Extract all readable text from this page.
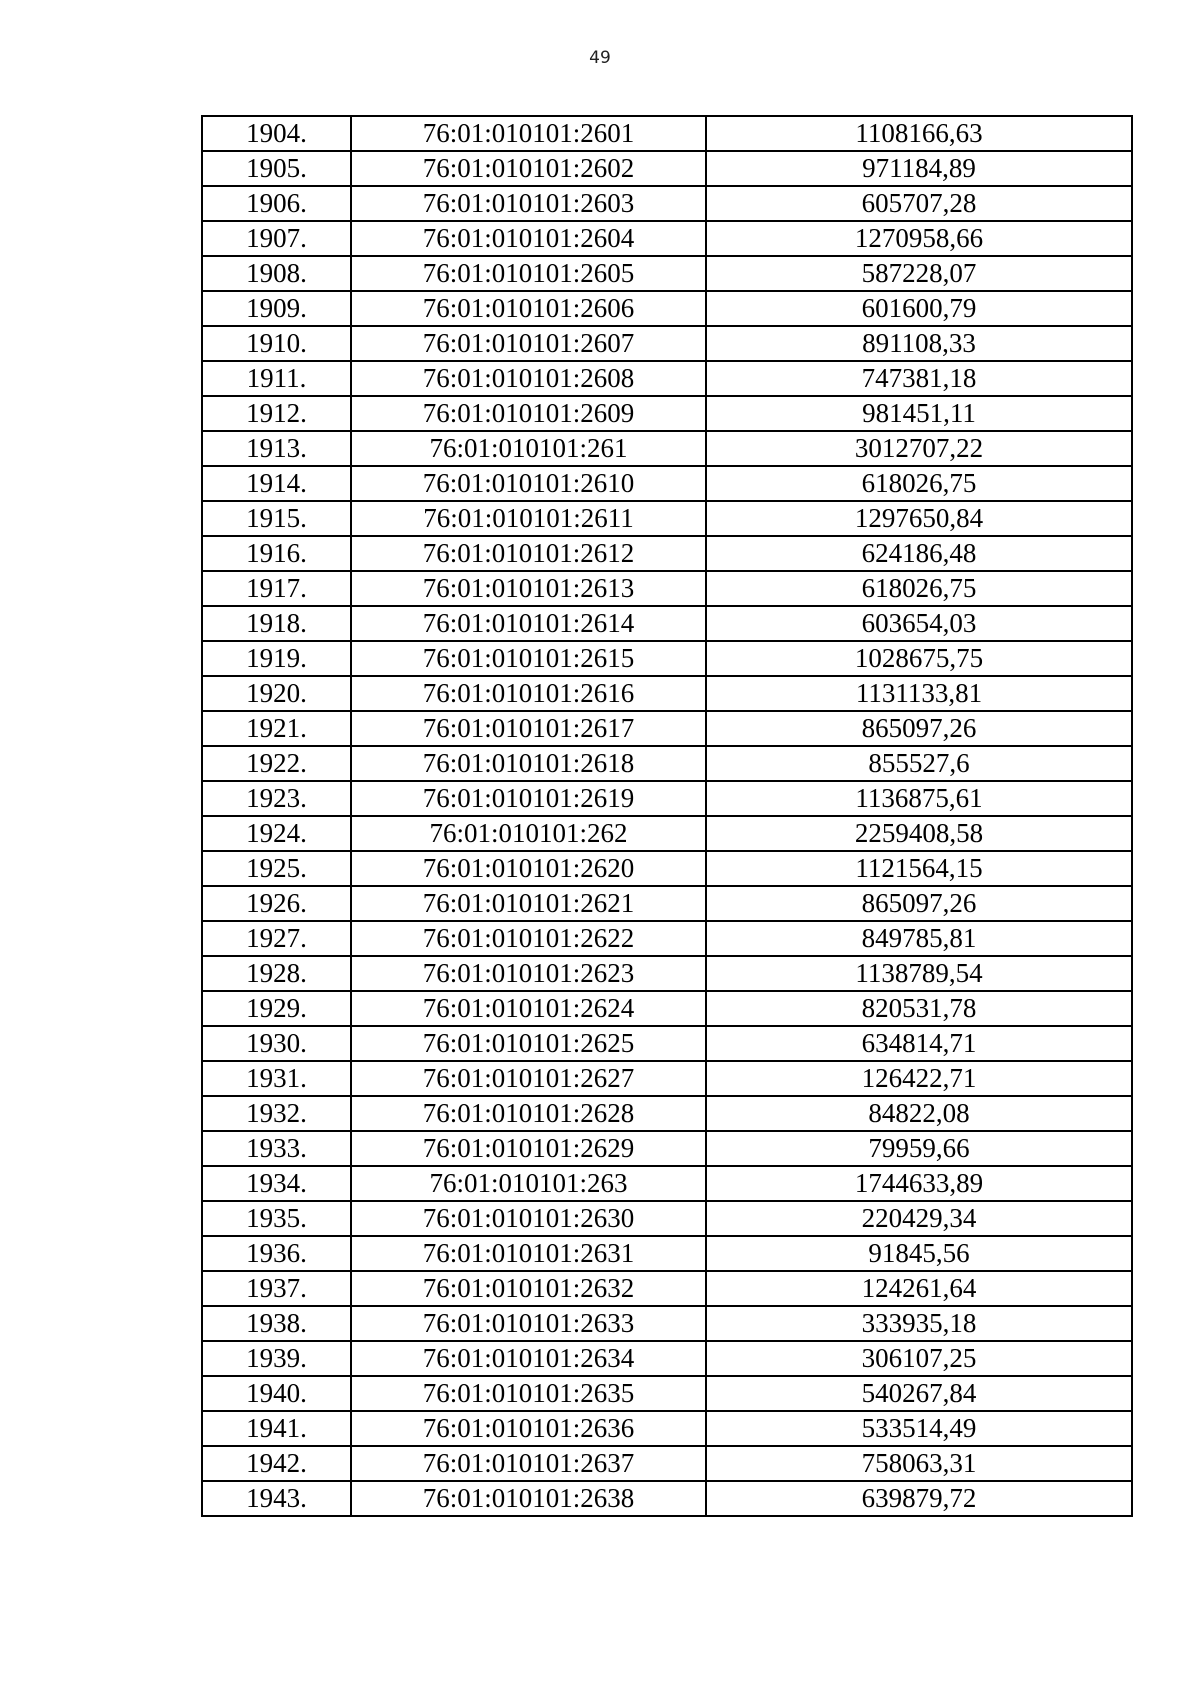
49
1904.	76:01:010101:2601	1108166,63
1905.	76:01:010101:2602	971184,89
1906.	76:01:010101:2603	605707,28
1907.	76:01:010101:2604	1270958,66
1908.	76:01:010101:2605	587228,07
1909.	76:01:010101:2606	601600,79
1910.	76:01:010101:2607	891108,33
1911.	76:01:010101:2608	747381,18
1912.	76:01:010101:2609	981451,11
1913.	76:01:010101:261	3012707,22
1914.	76:01:010101:2610	618026,75
1915.	76:01:010101:2611	1297650,84
1916.	76:01:010101:2612	624186,48
1917.	76:01:010101:2613	618026,75
1918.	76:01:010101:2614	603654,03
1919.	76:01:010101:2615	1028675,75
1920.	76:01:010101:2616	1131133,81
1921.	76:01:010101:2617	865097,26
1922.	76:01:010101:2618	855527,6
1923.	76:01:010101:2619	1136875,61
1924.	76:01:010101:262	2259408,58
1925.	76:01:010101:2620	1121564,15
1926.	76:01:010101:2621	865097,26
1927.	76:01:010101:2622	849785,81
1928.	76:01:010101:2623	1138789,54
1929.	76:01:010101:2624	820531,78
1930.	76:01:010101:2625	634814,71
1931.	76:01:010101:2627	126422,71
1932.	76:01:010101:2628	84822,08
1933.	76:01:010101:2629	79959,66
1934.	76:01:010101:263	1744633,89
1935.	76:01:010101:2630	220429,34
1936.	76:01:010101:2631	91845,56
1937.	76:01:010101:2632	124261,64
1938.	76:01:010101:2633	333935,18
1939.	76:01:010101:2634	306107,25
1940.	76:01:010101:2635	540267,84
1941.	76:01:010101:2636	533514,49
1942.	76:01:010101:2637	758063,31
1943.	76:01:010101:2638	639879,72
